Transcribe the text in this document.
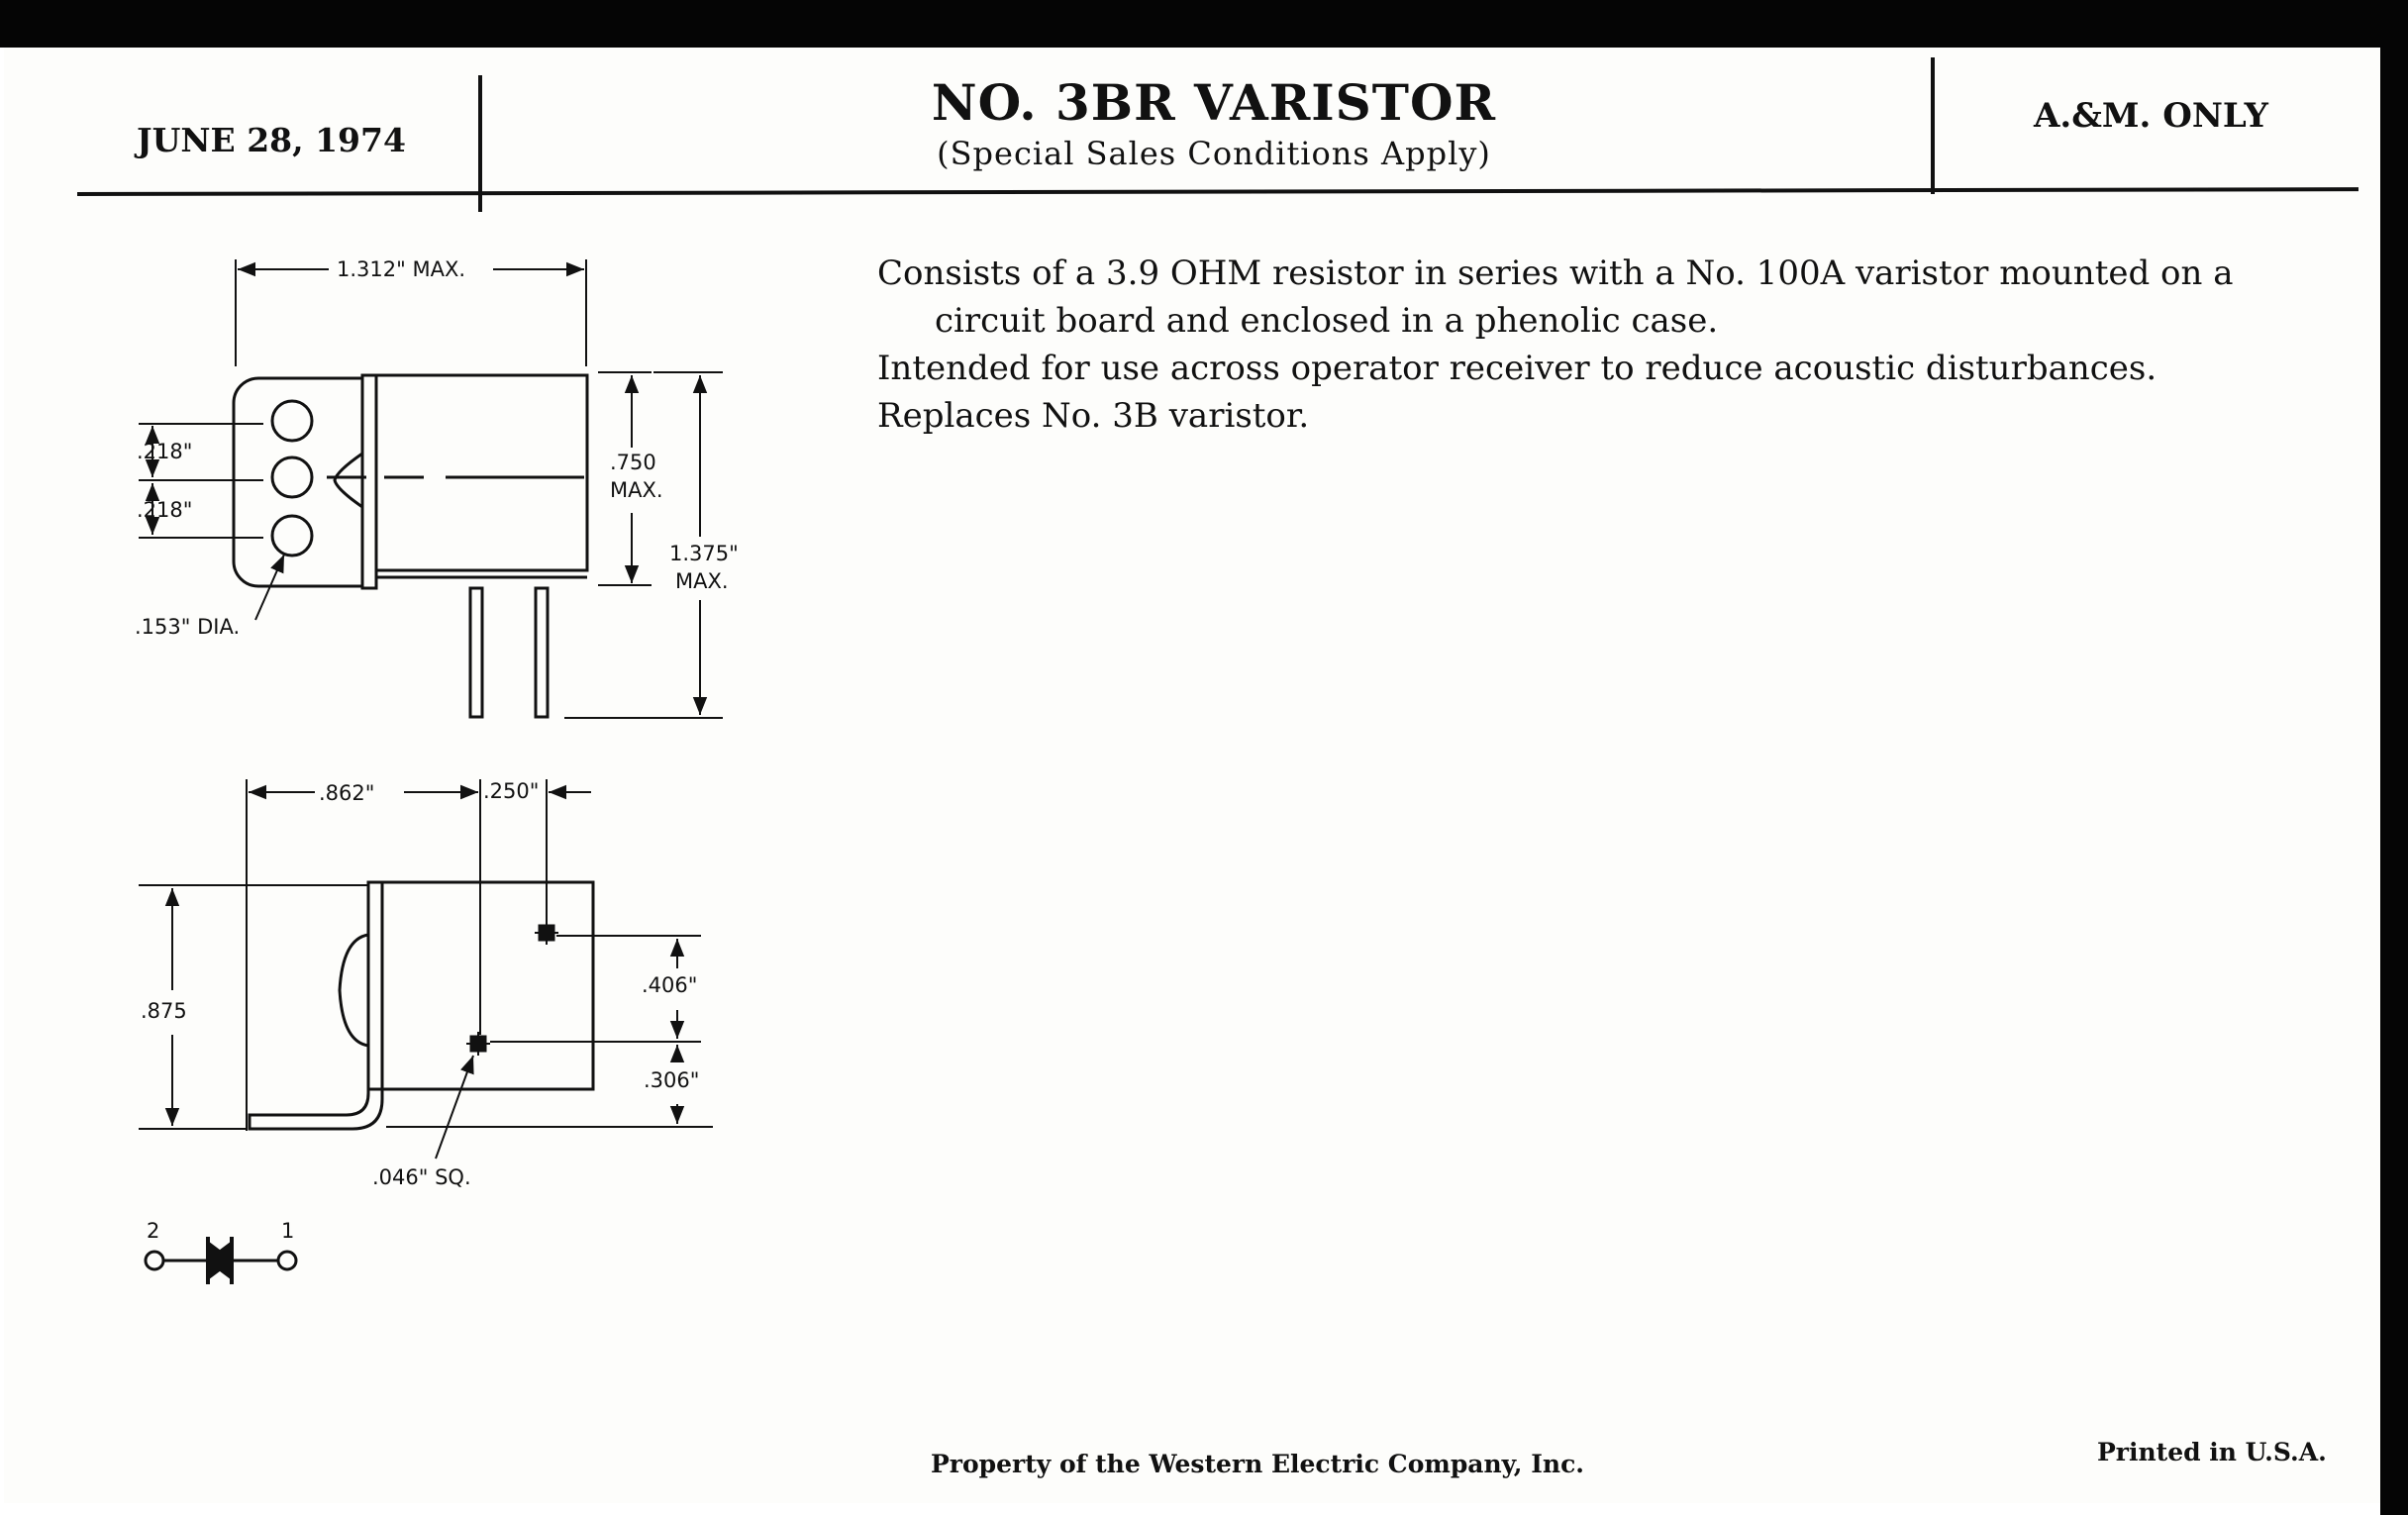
JUNE 28, 1974
NO. 3BR VARISTOR
(Special Sales Conditions Apply)
A.&M. ONLY

Consists of a 3.9 OHM resistor in series with a No. 100A varistor mounted on a circuit board and enclosed in a phenolic case.

Intended for use across operator receiver to reduce acoustic disturbances.

Replaces No. 3B varistor.

1.312" MAX.
.218"
.218"
.153" DIA.
.750
MAX.
1.375"
MAX.
.862"	.250"
.875
.406"
.306"
.046" SQ.
2	1
Property of the Western Electric Company, Inc.	Printed in U.S.A.
